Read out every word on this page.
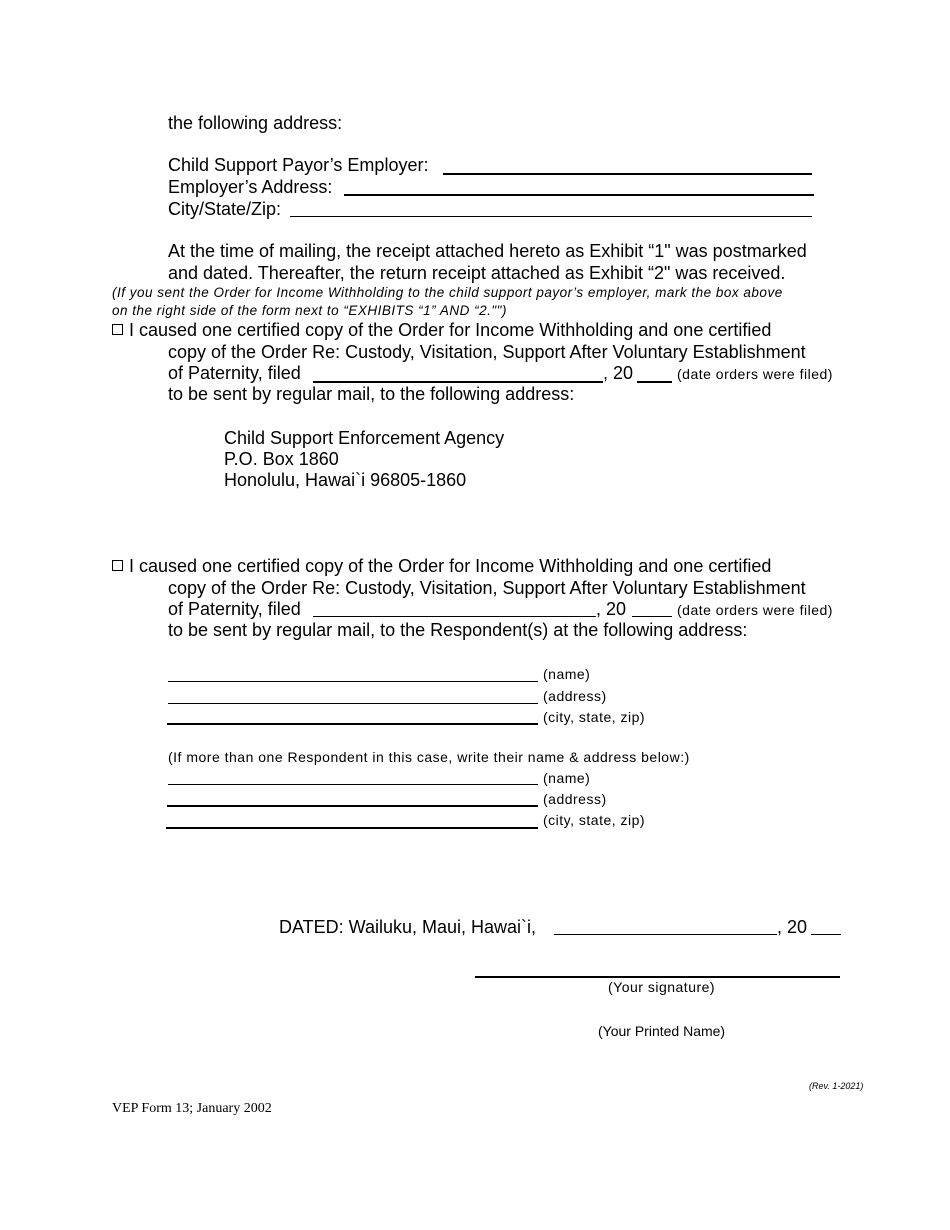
the following address:
Child Support Payor’s Employer:
Employer’s Address:
City/State/Zip:
At the time of mailing, the receipt attached hereto as Exhibit “1" was postmarked
and dated. Thereafter, the return receipt attached as Exhibit “2" was received.
(If you sent the Order for Income Withholding to the child support payor’s employer, mark the box above
on the right side of the form next to “EXHIBITS “1” AND “2."")
I caused one certified copy of the Order for Income Withholding and one certified
copy of the Order Re: Custody, Visitation, Support After Voluntary Establishment
of Paternity, filed	, 20	(date orders were filed)
to be sent by regular mail, to the following address:
Child Support Enforcement Agency
P.O. Box 1860
Honolulu, Hawai`i 96805-1860
I caused one certified copy of the Order for Income Withholding and one certified
copy of the Order Re: Custody, Visitation, Support After Voluntary Establishment
of Paternity, filed	, 20	(date orders were filed)
to be sent by regular mail, to the Respondent(s) at the following address:
(name)
(address)
(city, state, zip)
(If more than one Respondent in this case, write their name & address below:)
(name)
(address)
(city, state, zip)
DATED: Wailuku, Maui, Hawai`i,	, 20
(Your signature)
(Your Printed Name)
(Rev. 1-2021)
VEP Form 13; January 2002
